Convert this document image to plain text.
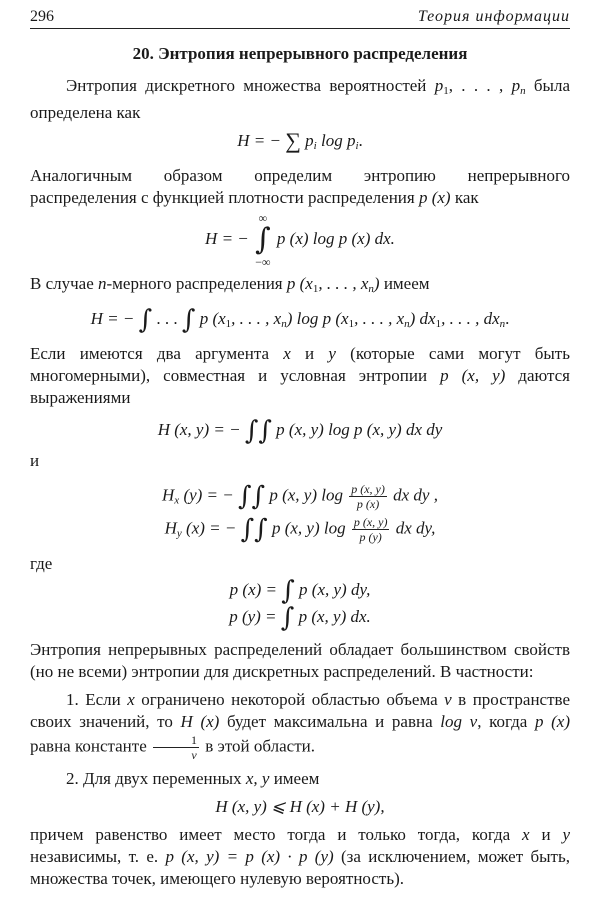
296	Теория информации
20. Энтропия непрерывного распределения

Энтропия дискретного множества вероятностей $p_1$, . . . , $p_n$ была определена как

H = − ∑ $p_i$ $\log p_i$.

Аналогичным образом определим энтропию непрерывного распределения с функцией плотности распределения p (x) как

H = −
∞
∫
−∞
p (x) log p (x) dx.

В случае n-мерного распределения p ($x_1$, . . . , $x_n$) имеем

H = − ∫ . . . ∫ p ($x_1$, . . . , $x_n$) log p ($x_1$, . . . , $x_n$) $dx_1$, . . . , $dx_n$.

Если имеются два аргумента x и y (которые сами могут быть многомерными), совместная и условная энтропии p (x, y) даются выражениями

H (x, y) = − ∫∫ p (x, y) log p (x, y) dx dy

и

$H_x$ (y) = − ∫∫ p (x, y) $\log \frac{p (x, y)}{p (x)}$ dx dy ,

$H_y$ (x) = − ∫∫ p (x, y) $\log \frac{p (x, y)}{p (y)}$ dx dy,

где

p (x) = ∫ p (x, y) dy,

p (y) = ∫ p (x, y) dx.

Энтропия непрерывных распределений обладает большинством свойств (но не всеми) энтропии для дискретных распределений. В частности:

1. Если x ограничено некоторой областью объема v в пространстве своих значений, то H (x) будет максимальна и равна log v, когда p (x) равна константе $\frac{1}{v}$ в этой области.

2. Для двух переменных x, y имеем

H (x, y) ⩽ H (x) + H (y),

причем равенство имеет место тогда и только тогда, когда x и y независимы, т. е. p (x, y) = p (x) · p (y) (за исключением, может быть, множества точек, имеющего нулевую вероятность).
